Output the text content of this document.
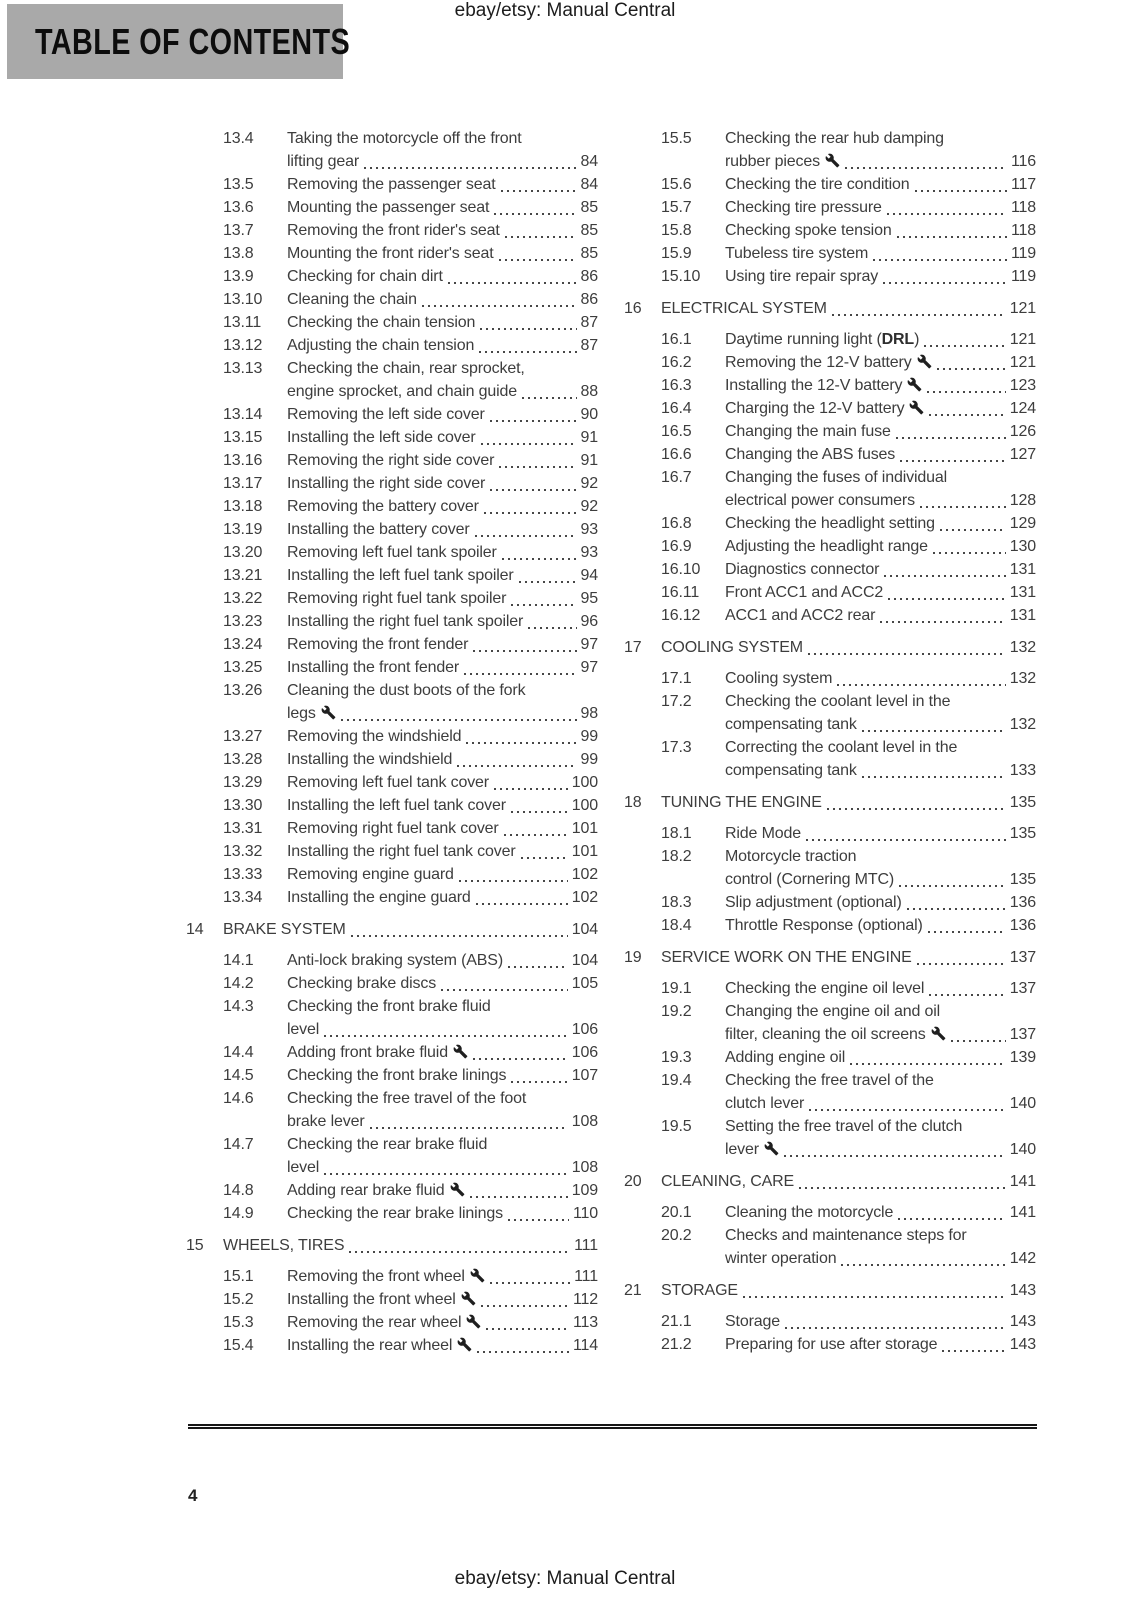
ebay/etsy: Manual Central
TABLE OF CONTENTS
13.4	Taking the motorcycle off the front
lifting gear	84
13.5	Removing the passenger seat	84
13.6	Mounting the passenger seat	85
13.7	Removing the front rider's seat	85
13.8	Mounting the front rider's seat	85
13.9	Checking for chain dirt	86
13.10	Cleaning the chain	86
13.11	Checking the chain tension	87
13.12	Adjusting the chain tension	87
13.13	Checking the chain, rear sprocket,
engine sprocket, and chain guide	88
13.14	Removing the left side cover	90
13.15	Installing the left side cover	91
13.16	Removing the right side cover	91
13.17	Installing the right side cover	92
13.18	Removing the battery cover	92
13.19	Installing the battery cover	93
13.20	Removing left fuel tank spoiler	93
13.21	Installing the left fuel tank spoiler	94
13.22	Removing right fuel tank spoiler	95
13.23	Installing the right fuel tank spoiler	96
13.24	Removing the front fender	97
13.25	Installing the front fender	97
13.26	Cleaning the dust boots of the fork
legs	98
13.27	Removing the windshield	99
13.28	Installing the windshield	99
13.29	Removing left fuel tank cover	100
13.30	Installing the left fuel tank cover	100
13.31	Removing right fuel tank cover	101
13.32	Installing the right fuel tank cover	101
13.33	Removing engine guard	102
13.34	Installing the engine guard	102
14	BRAKE SYSTEM	104
14.1	Anti-lock braking system (ABS)	104
14.2	Checking brake discs	105
14.3	Checking the front brake fluid
level	106
14.4	Adding front brake fluid	106
14.5	Checking the front brake linings	107
14.6	Checking the free travel of the foot
brake lever	108
14.7	Checking the rear brake fluid
level	108
14.8	Adding rear brake fluid	109
14.9	Checking the rear brake linings	110
15	WHEELS, TIRES	111
15.1	Removing the front wheel	111
15.2	Installing the front wheel	112
15.3	Removing the rear wheel	113
15.4	Installing the rear wheel	114
15.5	Checking the rear hub damping
rubber pieces	116
15.6	Checking the tire condition	117
15.7	Checking tire pressure	118
15.8	Checking spoke tension	118
15.9	Tubeless tire system	119
15.10	Using tire repair spray	119
16	ELECTRICAL SYSTEM	121
16.1	Daytime running light (DRL)	121
16.2	Removing the 12-V battery	121
16.3	Installing the 12-V battery	123
16.4	Charging the 12-V battery	124
16.5	Changing the main fuse	126
16.6	Changing the ABS fuses	127
16.7	Changing the fuses of individual
electrical power consumers	128
16.8	Checking the headlight setting	129
16.9	Adjusting the headlight range	130
16.10	Diagnostics connector	131
16.11	Front ACC1 and ACC2	131
16.12	ACC1 and ACC2 rear	131
17	COOLING SYSTEM	132
17.1	Cooling system	132
17.2	Checking the coolant level in the
compensating tank	132
17.3	Correcting the coolant level in the
compensating tank	133
18	TUNING THE ENGINE	135
18.1	Ride Mode	135
18.2	Motorcycle traction
control (Cornering MTC)	135
18.3	Slip adjustment (optional)	136
18.4	Throttle Response (optional)	136
19	SERVICE WORK ON THE ENGINE	137
19.1	Checking the engine oil level	137
19.2	Changing the engine oil and oil
filter, cleaning the oil screens	137
19.3	Adding engine oil	139
19.4	Checking the free travel of the
clutch lever	140
19.5	Setting the free travel of the clutch
lever	140
20	CLEANING, CARE	141
20.1	Cleaning the motorcycle	141
20.2	Checks and maintenance steps for
winter operation	142
21	STORAGE	143
21.1	Storage	143
21.2	Preparing for use after storage	143
4
ebay/etsy: Manual Central
